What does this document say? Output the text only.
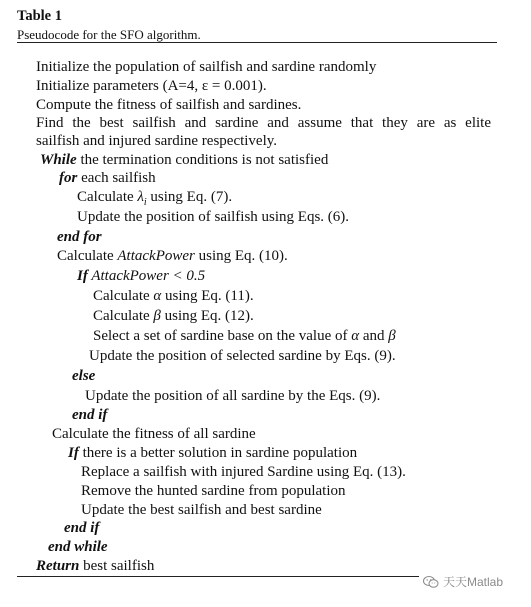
Table 1
Pseudocode for the SFO algorithm.
Initialize the population of sailfish and sardine randomly
Initialize parameters (A=4, ε = 0.001).
Compute the fitness of sailfish and sardines.
Find the best sailfish and sardine and assume that they are as elite
sailfish and injured sardine respectively.
While the termination conditions is not satisfied
for each sailfish
Calculate $\lambda_i$ using Eq. (7).
Update the position of sailfish using Eqs. (6).
end for
Calculate AttackPower using Eq. (10).
If AttackPower < 0.5
Calculate α using Eq. (11).
Calculate β using Eq. (12).
Select a set of sardine base on the value of α and β
Update the position of selected sardine by Eqs. (9).
else
Update the position of all sardine by the Eqs. (9).
end if
Calculate the fitness of all sardine
If there is a better solution in sardine population
Replace a sailfish with injured Sardine using Eq. (13).
Remove the hunted sardine from population
Update the best sailfish and best sardine
end if
end while
Return best sailfish
天天Matlab
